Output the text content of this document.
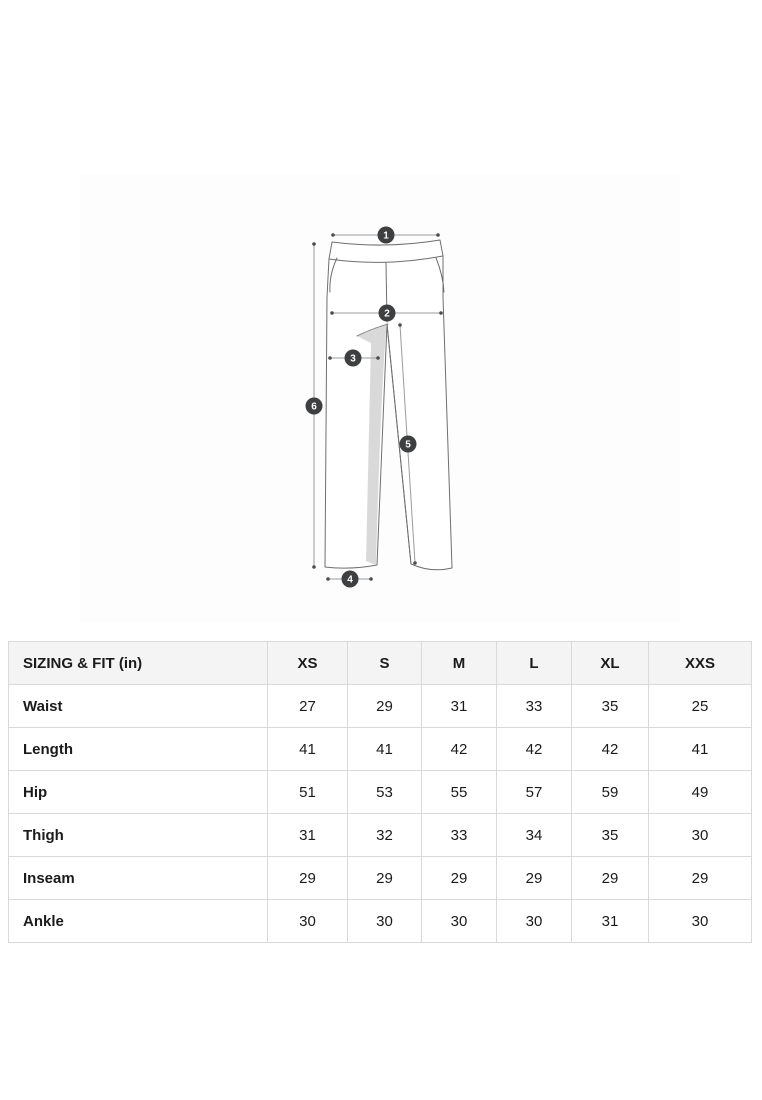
1
2
3
4
5
6
SIZING & FIT (in)	XS	S	M	L	XL	XXS
Waist	27	29	31	33	35	25
Length	41	41	42	42	42	41
Hip	51	53	55	57	59	49
Thigh	31	32	33	34	35	30
Inseam	29	29	29	29	29	29
Ankle	30	30	30	30	31	30
